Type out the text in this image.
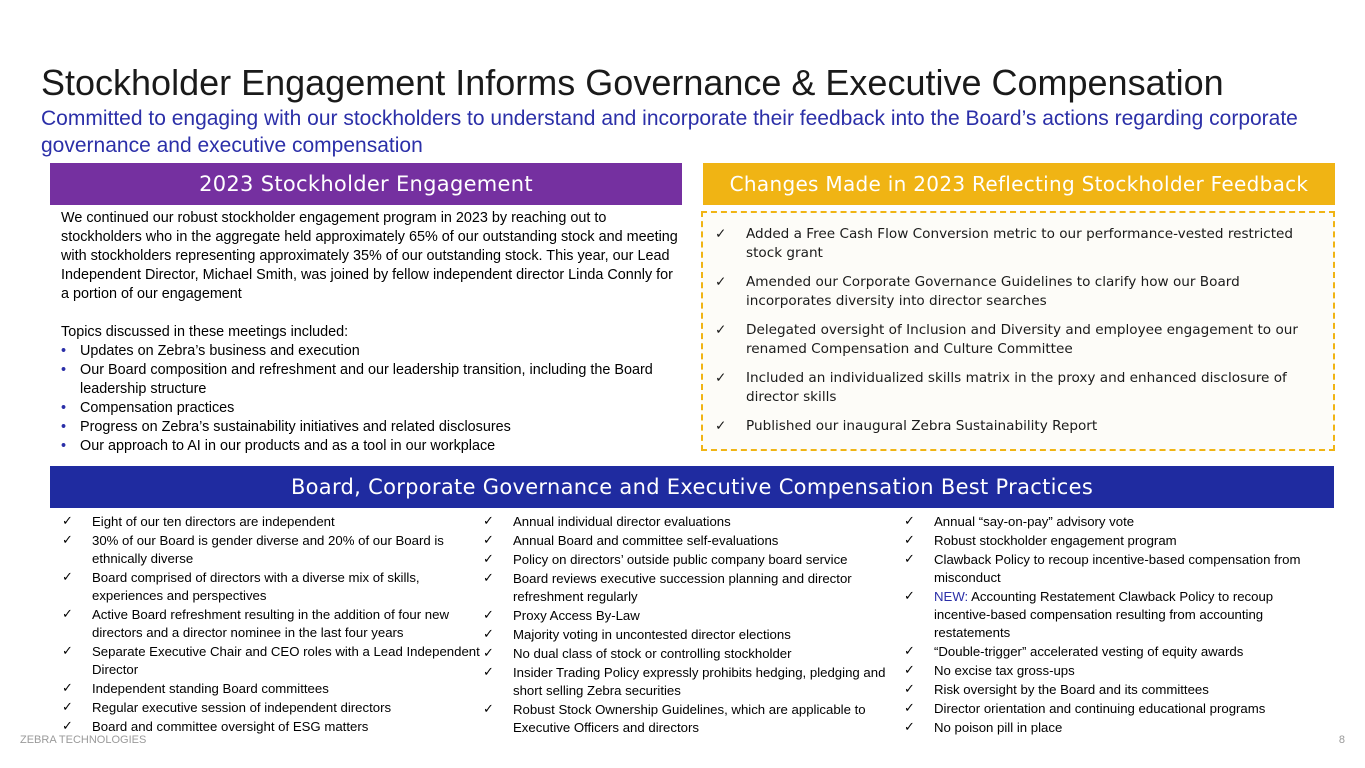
Stockholder Engagement Informs Governance & Executive Compensation
Committed to engaging with our stockholders to understand and incorporate their feedback into the Board’s actions regarding corporate governance and executive compensation
2023 Stockholder Engagement	Changes Made in 2023 Reflecting Stockholder Feedback

We continued our robust stockholder engagement program in 2023 by reaching out to stockholders who in the aggregate held approximately 65% of our outstanding stock and meeting with stockholders representing approximately 35% of our outstanding stock. This year, our Lead Independent Director, Michael Smith, was joined by fellow independent director Linda Connly for a portion of our engagement

Topics discussed in these meetings included:

• Updates on Zebra’s business and execution
• Our Board composition and refreshment and our leadership transition, including the Board leadership structure
• Compensation practices
• Progress on Zebra’s sustainability initiatives and related disclosures
• Our approach to AI in our products and as a tool in our workplace
✓ Added a Free Cash Flow Conversion metric to our performance-vested restricted stock grant
✓ Amended our Corporate Governance Guidelines to clarify how our Board incorporates diversity into director searches
✓ Delegated oversight of Inclusion and Diversity and employee engagement to our renamed Compensation and Culture Committee
✓ Included an individualized skills matrix in the proxy and enhanced disclosure of director skills
✓ Published our inaugural Zebra Sustainability Report
Board, Corporate Governance and Executive Compensation Best Practices
✓ Eight of our ten directors are independent
✓ 30% of our Board is gender diverse and 20% of our Board is ethnically diverse
✓ Board comprised of directors with a diverse mix of skills, experiences and perspectives
✓ Active Board refreshment resulting in the addition of four new directors and a director nominee in the last four years
✓ Separate Executive Chair and CEO roles with a Lead Independent Director
✓ Independent standing Board committees
✓ Regular executive session of independent directors
✓ Board and committee oversight of ESG matters
✓ Annual individual director evaluations
✓ Annual Board and committee self-evaluations
✓ Policy on directors’ outside public company board service
✓ Board reviews executive succession planning and director refreshment regularly
✓ Proxy Access By-Law
✓ Majority voting in uncontested director elections
✓ No dual class of stock or controlling stockholder
✓ Insider Trading Policy expressly prohibits hedging, pledging and short selling Zebra securities
✓ Robust Stock Ownership Guidelines, which are applicable to Executive Officers and directors
✓ Annual “say-on-pay” advisory vote
✓ Robust stockholder engagement program
✓ Clawback Policy to recoup incentive-based compensation from misconduct
✓ NEW: Accounting Restatement Clawback Policy to recoup incentive-based compensation resulting from accounting restatements
✓ “Double-trigger” accelerated vesting of equity awards
✓ No excise tax gross-ups
✓ Risk oversight by the Board and its committees
✓ Director orientation and continuing educational programs
✓ No poison pill in place
ZEBRA TECHNOLOGIES	8
